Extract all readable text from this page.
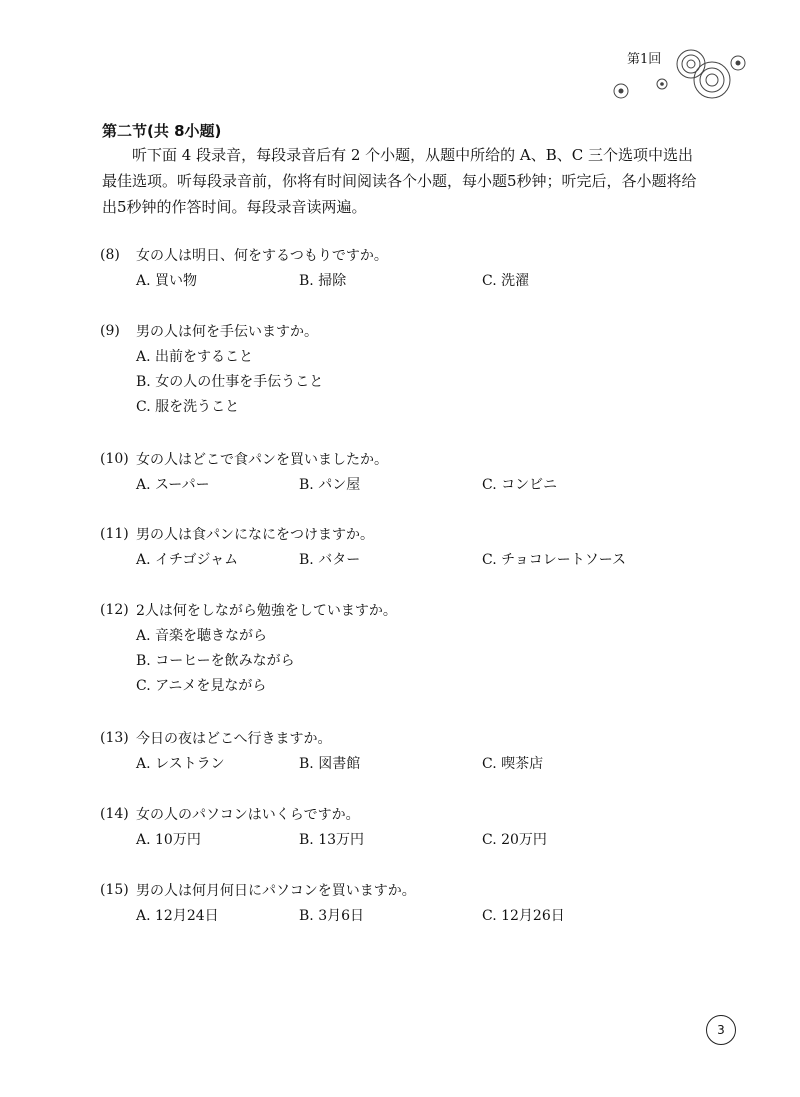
第1回
第二节(共 8小题)
听下面 4 段录音，每段录音后有 2 个小题，从题中所给的 A、B、C 三个选项中选出最佳选项。听每段录音前，你将有时间阅读各个小题，每小题5秒钟；听完后，各小题将给出5秒钟的作答时间。每段录音读两遍。
(8)	女の人は明日、何をするつもりですか。
A. 買い物	B. 掃除	C. 洗濯
(9)	男の人は何を手伝いますか。
A. 出前をすること
B. 女の人の仕事を手伝うこと
C. 服を洗うこと
(10) 女の人はどこで食パンを買いましたか。
A. スーパー	B. パン屋	C. コンビニ
(11) 男の人は食パンになにをつけますか。
A. イチゴジャム	B. バター	C. チョコレートソース
(12) 2人は何をしながら勉強をしていますか。
A. 音楽を聴きながら
B. コーヒーを飲みながら
C. アニメを見ながら
(13) 今日の夜はどこへ行きますか。
A. レストラン	B. 図書館	C. 喫茶店
(14) 女の人のパソコンはいくらですか。
A. 10万円	B. 13万円	C. 20万円
(15) 男の人は何月何日にパソコンを買いますか。
A. 12月24日	B. 3月6日	C. 12月26日
3
